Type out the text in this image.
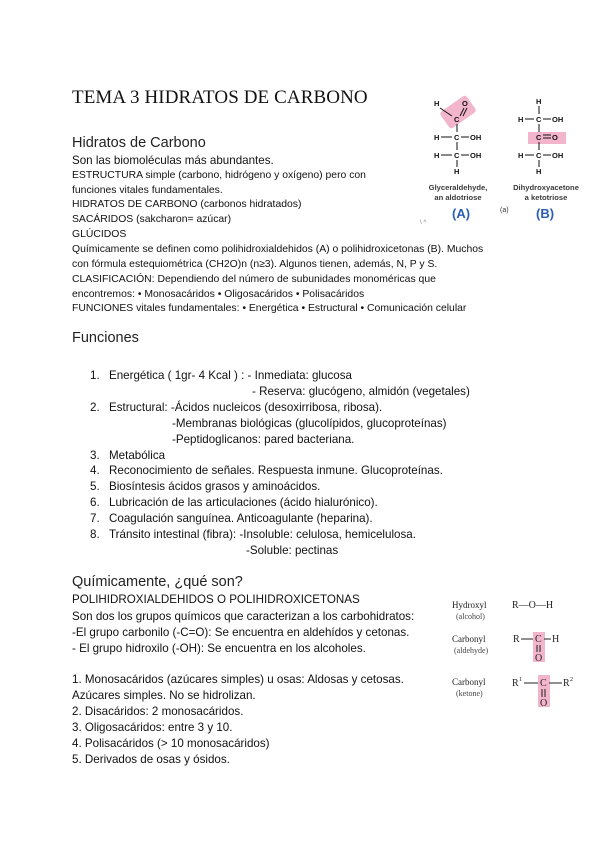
TEMA 3 HIDRATOS DE CARBONO
Hidratos de Carbono
Son las biomoléculas más abundantes.
ESTRUCTURA simple (carbono, hidrógeno y oxígeno) pero con
funciones vitales fundamentales.
HIDRATOS DE CARBONO (carbonos hidratados)
SACÁRIDOS (sakcharon= azúcar)
GLÚCIDOS
Químicamente se definen como polihidroxialdehidos (A) o polihidroxicetonas (B). Muchos
con fórmula estequiométrica (CH2O)n (n≥3). Algunos tienen, además, N, P y S.
CLASIFICACIÓN: Dependiendo del número de subunidades monoméricas que
encontremos: • Monosacáridos • Oligosacáridos • Polisacáridos
FUNCIONES vitales fundamentales: • Energética • Estructural • Comunicación celular
H	O
C
H C OH
H C OH
H
H
H C OH
C O
H C OH
H
Glyceraldehyde,
an aldotriose
Dihydroxyacetone
a ketotriose
(A)	(a) (B)
\ ^
Funciones
1. Energética ( 1gr- 4 Kcal ) : - Inmediata: glucosa
- Reserva: glucógeno, almidón (vegetales)
2. Estructural: -Ácidos nucleicos (desoxirribosa, ribosa).
-Membranas biológicas (glucolípidos, glucoproteínas)
-Peptidoglicanos: pared bacteriana.
3. Metabólica
4. Reconocimiento de señales. Respuesta inmune. Glucoproteínas.
5. Biosíntesis ácidos grasos y aminoácidos.
6. Lubricación de las articulaciones (ácido hialurónico).
7. Coagulación sanguínea. Anticoagulante (heparina).
8. Tránsito intestinal (fibra): -Insoluble: celulosa, hemicelulosa.
-Soluble: pectinas
Químicamente, ¿qué son?
POLIHIDROXIALDEHIDOS O POLIHIDROXICETONAS
Son dos los grupos químicos que caracterizan a los carbohidratos:
-El grupo carbonilo (-C=O): Se encuentra en aldehídos y cetonas.
- El grupo hidroxilo (-OH): Se encuentra en los alcoholes.
1. Monosacáridos (azúcares simples) u osas: Aldosas y cetosas.
Azúcares simples. No se hidrolizan.
2. Disacáridos: 2 monosacáridos.
3. Oligosacáridos: entre 3 y 10.
4. Polisacáridos (> 10 monosacáridos)
5. Derivados de osas y ósidos.
Hydroxyl
(alcohol)
R—O—H
Carbonyl
(aldehyde)
R C H
O
Carbonyl
(ketone)
R 1 C R 2
O
